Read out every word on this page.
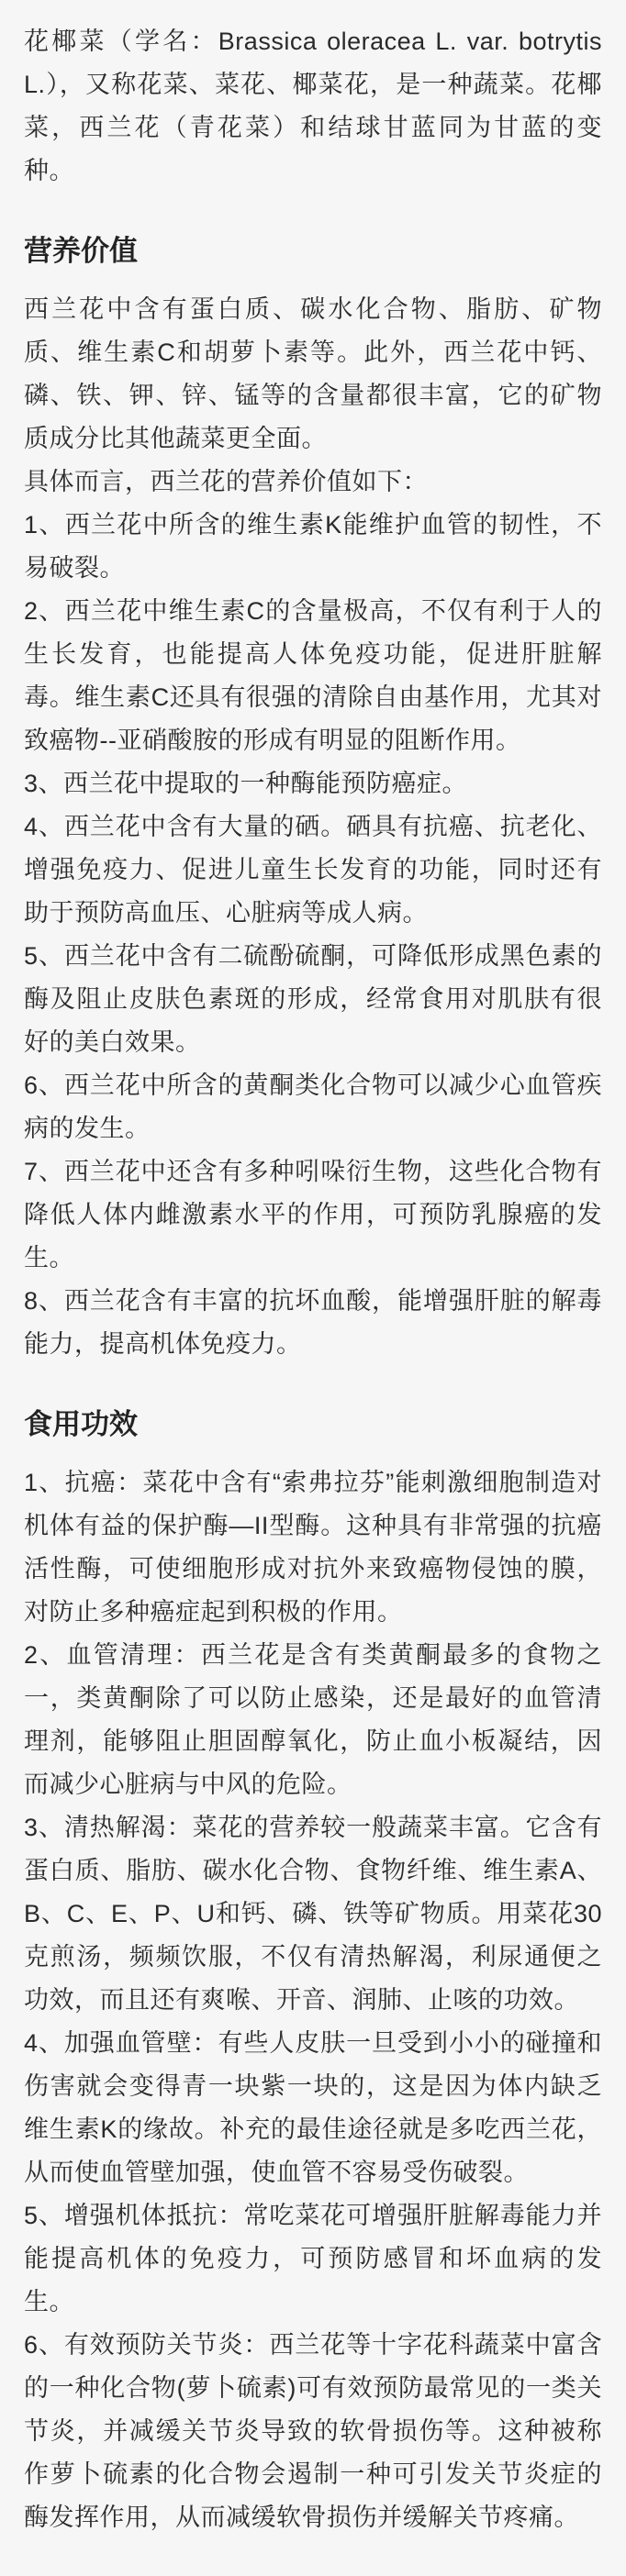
花椰菜（学名：Brassica oleracea L. var. botrytis L.），又称花菜、菜花、椰菜花，是一种蔬菜。花椰菜，西兰花（青花菜）和结球甘蓝同为甘蓝的变种。

营养价值

西兰花中含有蛋白质、碳水化合物、脂肪、矿物质、维生素C和胡萝卜素等。此外，西兰花中钙、磷、铁、钾、锌、锰等的含量都很丰富，它的矿物质成分比其他蔬菜更全面。

具体而言，西兰花的营养价值如下：

1、西兰花中所含的维生素K能维护血管的韧性，不易破裂。

2、西兰花中维生素C的含量极高，不仅有利于人的生长发育，也能提高人体免疫功能，促进肝脏解毒。维生素C还具有很强的清除自由基作用，尤其对致癌物--亚硝酸胺的形成有明显的阻断作用。

3、西兰花中提取的一种酶能预防癌症。

4、西兰花中含有大量的硒。硒具有抗癌、抗老化、增强免疫力、促进儿童生长发育的功能，同时还有助于预防高血压、心脏病等成人病。

5、西兰花中含有二硫酚硫酮，可降低形成黑色素的酶及阻止皮肤色素斑的形成，经常食用对肌肤有很好的美白效果。

6、西兰花中所含的黄酮类化合物可以减少心血管疾病的发生。

7、西兰花中还含有多种吲哚衍生物，这些化合物有降低人体内雌激素水平的作用，可预防乳腺癌的发生。

8、西兰花含有丰富的抗坏血酸，能增强肝脏的解毒能力，提高机体免疫力。

食用功效

1、抗癌：菜花中含有“索弗拉芬”能刺激细胞制造对机体有益的保护酶—II型酶。这种具有非常强的抗癌活性酶，可使细胞形成对抗外来致癌物侵蚀的膜，对防止多种癌症起到积极的作用。

2、血管清理：西兰花是含有类黄酮最多的食物之一，类黄酮除了可以防止感染，还是最好的血管清理剂，能够阻止胆固醇氧化，防止血小板凝结，因而减少心脏病与中风的危险。

3、清热解渴：菜花的营养较一般蔬菜丰富。它含有蛋白质、脂肪、碳水化合物、食物纤维、维生素A、B、C、E、P、U和钙、磷、铁等矿物质。用菜花30克煎汤，频频饮服，不仅有清热解渴，利尿通便之功效，而且还有爽喉、开音、润肺、止咳的功效。

4、加强血管壁：有些人皮肤一旦受到小小的碰撞和伤害就会变得青一块紫一块的，这是因为体内缺乏维生素K的缘故。补充的最佳途径就是多吃西兰花，从而使血管壁加强，使血管不容易受伤破裂。

5、增强机体抵抗：常吃菜花可增强肝脏解毒能力并能提高机体的免疫力，可预防感冒和坏血病的发生。

6、有效预防关节炎：西兰花等十字花科蔬菜中富含的一种化合物(萝卜硫素)可有效预防最常见的一类关节炎，并减缓关节炎导致的软骨损伤等。这种被称作萝卜硫素的化合物会遏制一种可引发关节炎症的酶发挥作用，从而减缓软骨损伤并缓解关节疼痛。
